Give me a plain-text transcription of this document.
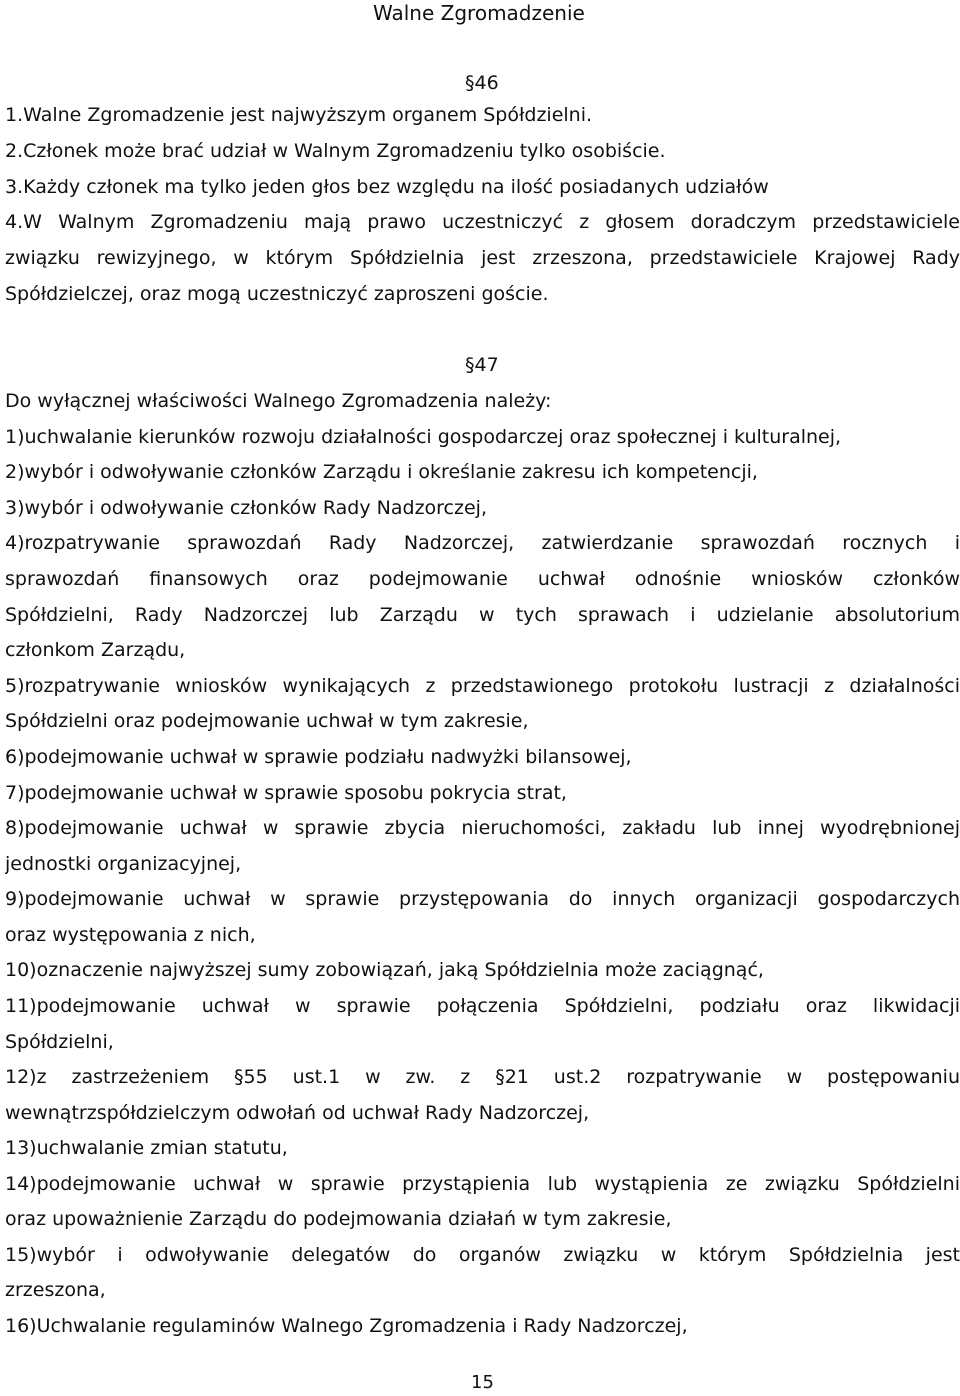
Walne Zgromadzenie
§46
1.Walne Zgromadzenie jest najwyższym organem Spółdzielni.
2.Członek może brać udział w Walnym Zgromadzeniu tylko osobiście.
3.Każdy członek ma tylko jeden głos bez względu na ilość posiadanych udziałów
4.W Walnym Zgromadzeniu mają prawo uczestniczyć z głosem doradczym przedstawiciele
związku rewizyjnego, w którym Spółdzielnia jest zrzeszona, przedstawiciele Krajowej Rady
Spółdzielczej, oraz mogą uczestniczyć zaproszeni goście.
§47
Do wyłącznej właściwości Walnego Zgromadzenia należy:
1)uchwalanie kierunków rozwoju działalności gospodarczej oraz społecznej i kulturalnej,
2)wybór i odwoływanie członków Zarządu i określanie zakresu ich kompetencji,
3)wybór i odwoływanie członków Rady Nadzorczej,
4)rozpatrywanie sprawozdań Rady Nadzorczej, zatwierdzanie sprawozdań rocznych i
sprawozdań finansowych oraz podejmowanie uchwał odnośnie wniosków członków
Spółdzielni, Rady Nadzorczej lub Zarządu w tych sprawach i udzielanie absolutorium
członkom Zarządu,
5)rozpatrywanie wniosków wynikających z przedstawionego protokołu lustracji z działalności
Spółdzielni oraz podejmowanie uchwał w tym zakresie,
6)podejmowanie uchwał w sprawie podziału nadwyżki bilansowej,
7)podejmowanie uchwał w sprawie sposobu pokrycia strat,
8)podejmowanie uchwał w sprawie zbycia nieruchomości, zakładu lub innej wyodrębnionej
jednostki organizacyjnej,
9)podejmowanie uchwał w sprawie przystępowania do innych organizacji gospodarczych
oraz występowania z nich,
10)oznaczenie najwyższej sumy zobowiązań, jaką Spółdzielnia może zaciągnąć,
11)podejmowanie uchwał w sprawie połączenia Spółdzielni, podziału oraz likwidacji
Spółdzielni,
12)z zastrzeżeniem §55 ust.1 w zw. z §21 ust.2 rozpatrywanie w postępowaniu
wewnątrzspółdzielczym odwołań od uchwał Rady Nadzorczej,
13)uchwalanie zmian statutu,
14)podejmowanie uchwał w sprawie przystąpienia lub wystąpienia ze związku Spółdzielni
oraz upoważnienie Zarządu do podejmowania działań w tym zakresie,
15)wybór i odwoływanie delegatów do organów związku w którym Spółdzielnia jest
zrzeszona,
16)Uchwalanie regulaminów Walnego Zgromadzenia i Rady Nadzorczej,
15
